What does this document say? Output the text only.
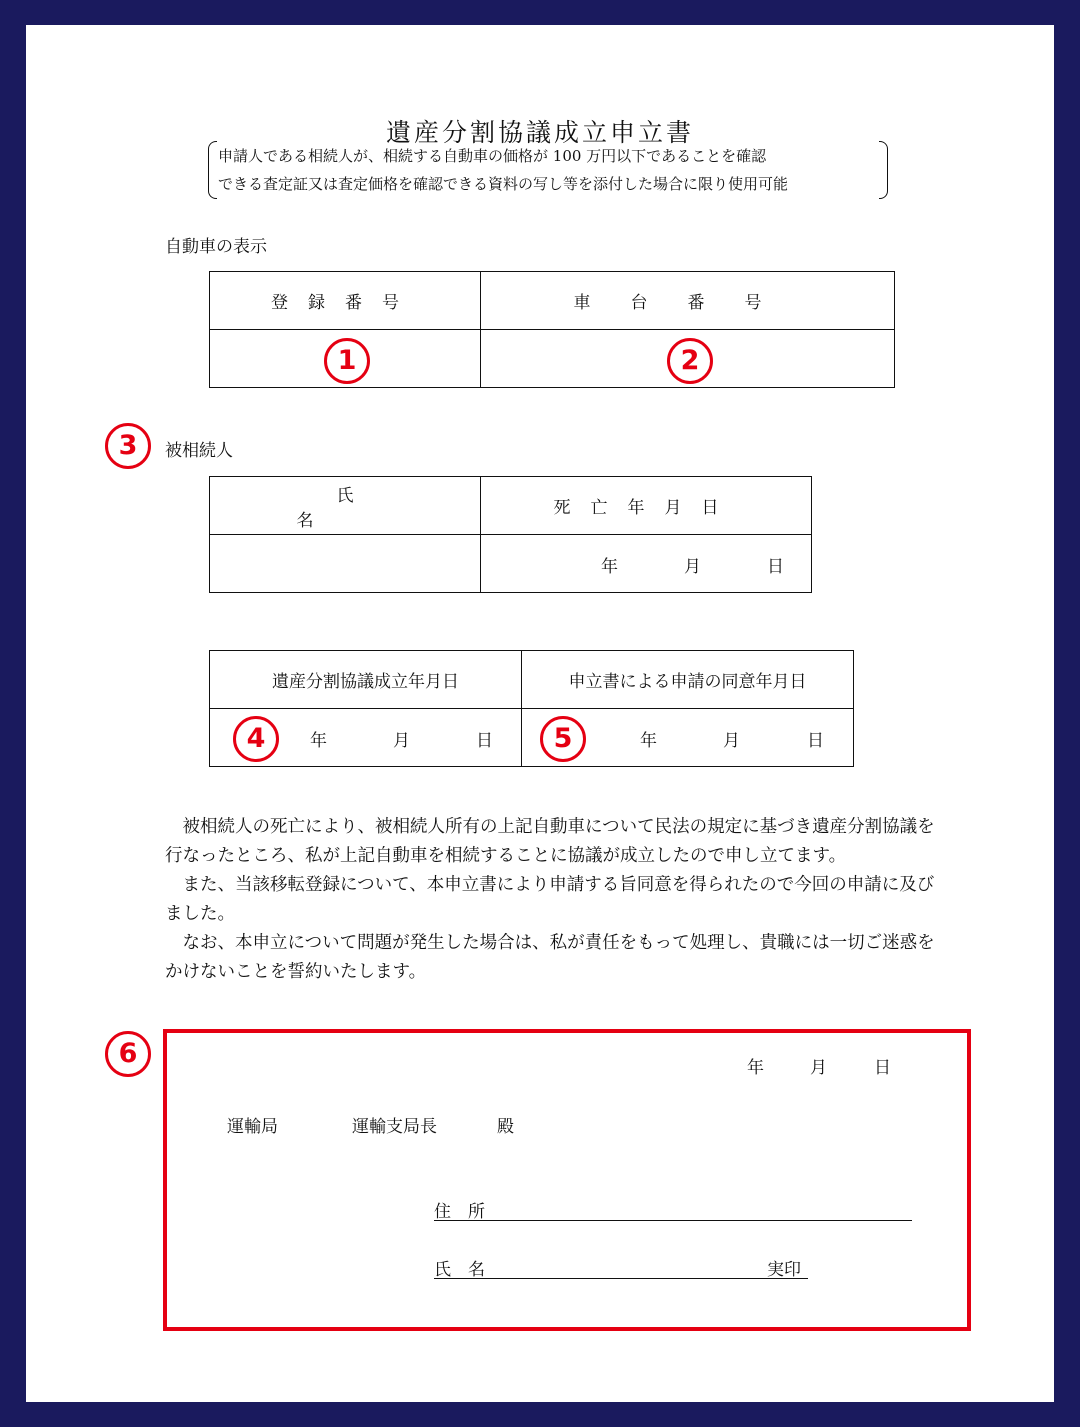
遺産分割協議成立申立書
申請人である相続人が、相続する自動車の価格が 100 万円以下であることを確認
できる査定証又は査定価格を確認できる資料の写し等を添付した場合に限り使用可能
自動車の表示
登録番号	車台番号

1	2
3	被相続人
氏名	死亡年月日

	年 月 日
遺産分割協議成立年月日	申立書による申請の同意年月日

年 月 日	年 月 日
4	5

被相続人の死亡により、被相続人所有の上記自動車について民法の規定に基づき遺産分割協議を行なったところ、私が上記自動車を相続することに協議が成立したので申し立てます。

また、当該移転登録について、本申立書により申請する旨同意を得られたので今回の申請に及びました。

なお、本申立について問題が発生した場合は、私が責任をもって処理し、貴職には一切ご迷惑をかけないことを誓約いたします。

6	年	月	日
運輸局	運輸支局長	殿
住　所
氏　名	実印
